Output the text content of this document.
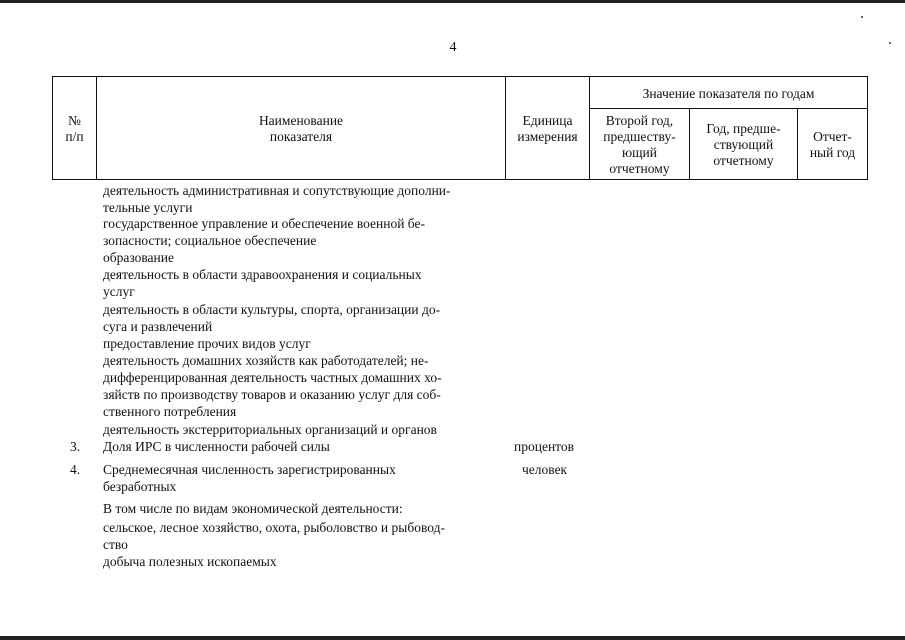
4
№
п/п
Наименование
показателя
Единица
измерения
Значение показателя по годам
Второй год,
предшеству-
ющий
отчетному
Год, предше-
ствующий
отчетному
Отчет-
ный год
деятельность административная и сопутствующие дополни-
тельные услуги
государственное управление и обеспечение военной бе-
зопасности; социальное обеспечение
образование
деятельность в области здравоохранения и социальных
услуг
деятельность в области культуры, спорта, организации до-
суга и развлечений
предоставление прочих видов услуг
деятельность домашних хозяйств как работодателей; не-
дифференцированная деятельность частных домашних хо-
зяйств по производству товаров и оказанию услуг для соб-
ственного потребления
деятельность экстерриториальных организаций и органов
3. Доля ИРС в численности рабочей силы	процентов
4. Среднемесячная численность зарегистрированных
безработных
человек
В том числе по видам экономической деятельности:
сельское, лесное хозяйство, охота, рыболовство и рыбовод-
ство
добыча полезных ископаемых
